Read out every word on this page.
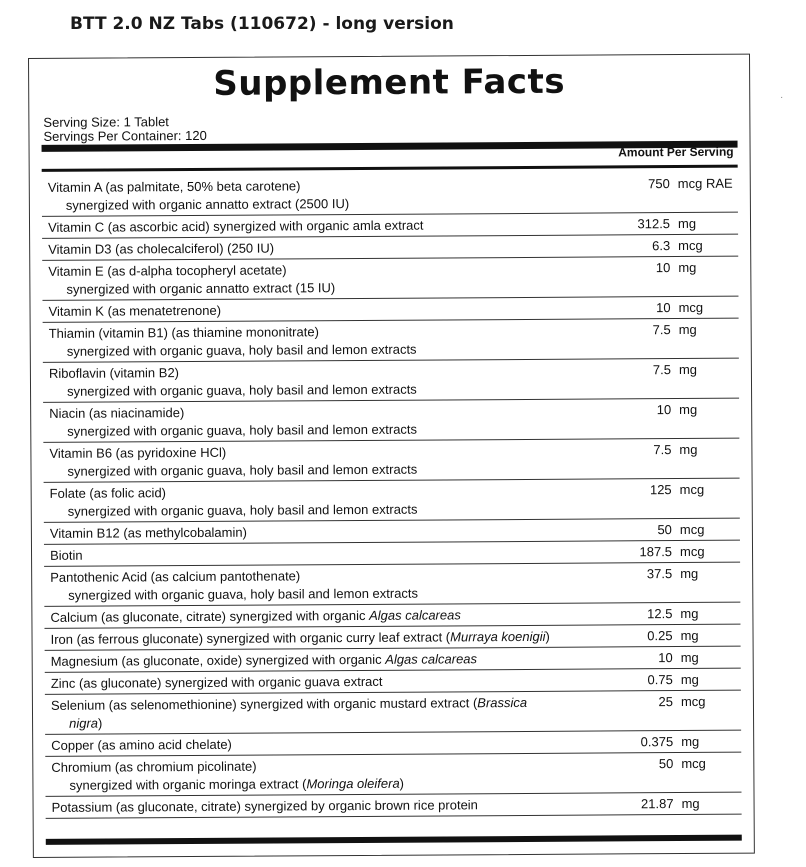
BTT 2.0 NZ Tabs (110672) - long version
·
Supplement Facts
Serving Size: 1 Tablet
Servings Per Container: 120
Amount Per Serving
Vitamin A (as palmitate, 50% beta carotene)
synergized with organic annatto extract (2500 IU)
750 mcg RAE
Vitamin C (as ascorbic acid) synergized with organic amla extract	312.5 mg
Vitamin D3 (as cholecalciferol) (250 IU)	6.3 mcg
Vitamin E (as d-alpha tocopheryl acetate)
synergized with organic annatto extract (15 IU)
10 mg
Vitamin K (as menatetrenone)	10 mcg
Thiamin (vitamin B1) (as thiamine mononitrate)
synergized with organic guava, holy basil and lemon extracts
7.5 mg
Riboflavin (vitamin B2)
synergized with organic guava, holy basil and lemon extracts
7.5 mg
Niacin (as niacinamide)
synergized with organic guava, holy basil and lemon extracts
10 mg
Vitamin B6 (as pyridoxine HCl)
synergized with organic guava, holy basil and lemon extracts
7.5 mg
Folate (as folic acid)
synergized with organic guava, holy basil and lemon extracts
125 mcg
Vitamin B12 (as methylcobalamin)	50 mcg
Biotin	187.5 mcg
Pantothenic Acid (as calcium pantothenate)
synergized with organic guava, holy basil and lemon extracts
37.5 mg
Calcium (as gluconate, citrate) synergized with organic Algas calcareas	12.5 mg
Iron (as ferrous gluconate) synergized with organic curry leaf extract (Murraya koenigii)	0.25 mg
Magnesium (as gluconate, oxide) synergized with organic Algas calcareas	10 mg
Zinc (as gluconate) synergized with organic guava extract	0.75 mg
Selenium (as selenomethionine) synergized with organic mustard extract (Brassica
nigra)
25 mcg
Copper (as amino acid chelate)	0.375 mg
Chromium (as chromium picolinate)
synergized with organic moringa extract (Moringa oleifera)
50 mcg
Potassium (as gluconate, citrate) synergized by organic brown rice protein	21.87 mg
